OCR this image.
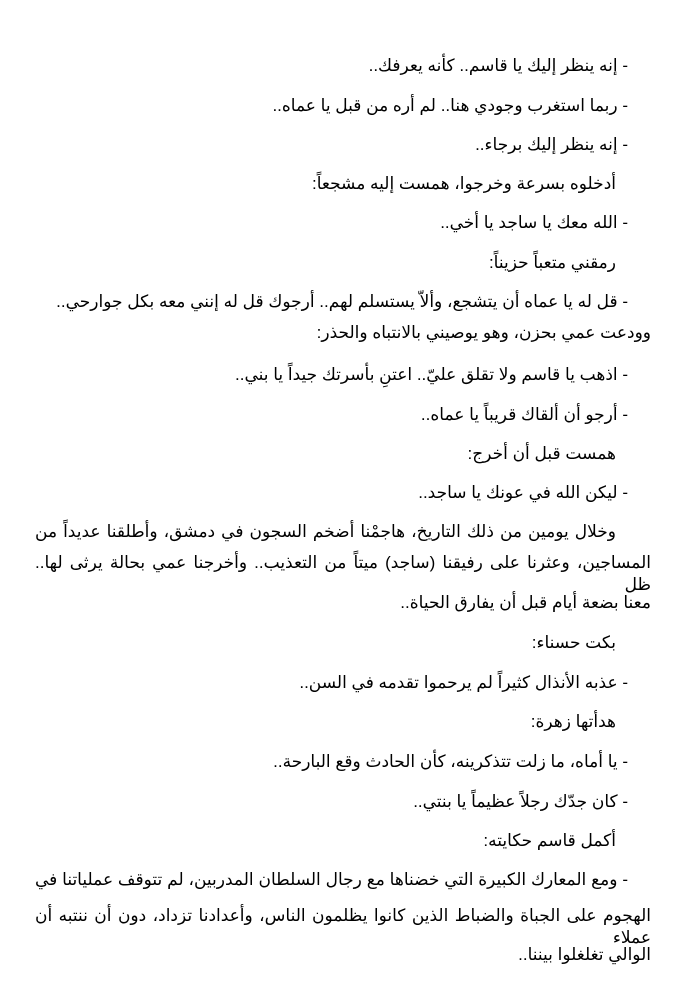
- إنه ينظر إليك يا قاسم.. كأنه يعرفك..
- ربما استغرب وجودي هنا.. لم أره من قبل يا عماه..
- إنه ينظر إليك برجاء..
أدخلوه بسرعة وخرجوا، همست إليه مشجعاً:
- الله معك يا ساجد يا أخي..
رمقني متعباً حزيناً:
- قل له يا عماه أن يتشجع، وألاّ يستسلم لهم.. أرجوك قل له إنني معه بكل جوارحي..
وودعت عمي بحزن، وهو يوصيني بالانتباه والحذر:
- اذهب يا قاسم ولا تقلق عليّ.. اعتنِ بأسرتك جيداً يا بني..
- أرجو أن ألقاك قريباً يا عماه..
همست قبل أن أخرج:
- ليكن الله في عونك يا ساجد..
وخلال يومين من ذلك التاريخ، هاجمْنا أضخم السجون في دمشق، وأطلقنا عديداً من
المساجين، وعثرنا على رفيقنا (ساجد) ميتاً من التعذيب.. وأخرجنا عمي بحالة يرثى لها.. ظل
معنا بضعة أيام قبل أن يفارق الحياة..
بكت حسناء:
- عذبه الأنذال كثيراً لم يرحموا تقدمه في السن..
هدأتها زهرة:
- يا أماه، ما زلت تتذكرينه، كأن الحادث وقع البارحة..
- كان جدّك رجلاً عظيماً يا بنتي..
أكمل قاسم حكايته:
- ومع المعارك الكبيرة التي خضناها مع رجال السلطان المدربين، لم تتوقف عملياتنا في
الهجوم على الجباة والضباط الذين كانوا يظلمون الناس، وأعدادنا تزداد، دون أن ننتبه أن عملاء
الوالي تغلغلوا بيننا..
